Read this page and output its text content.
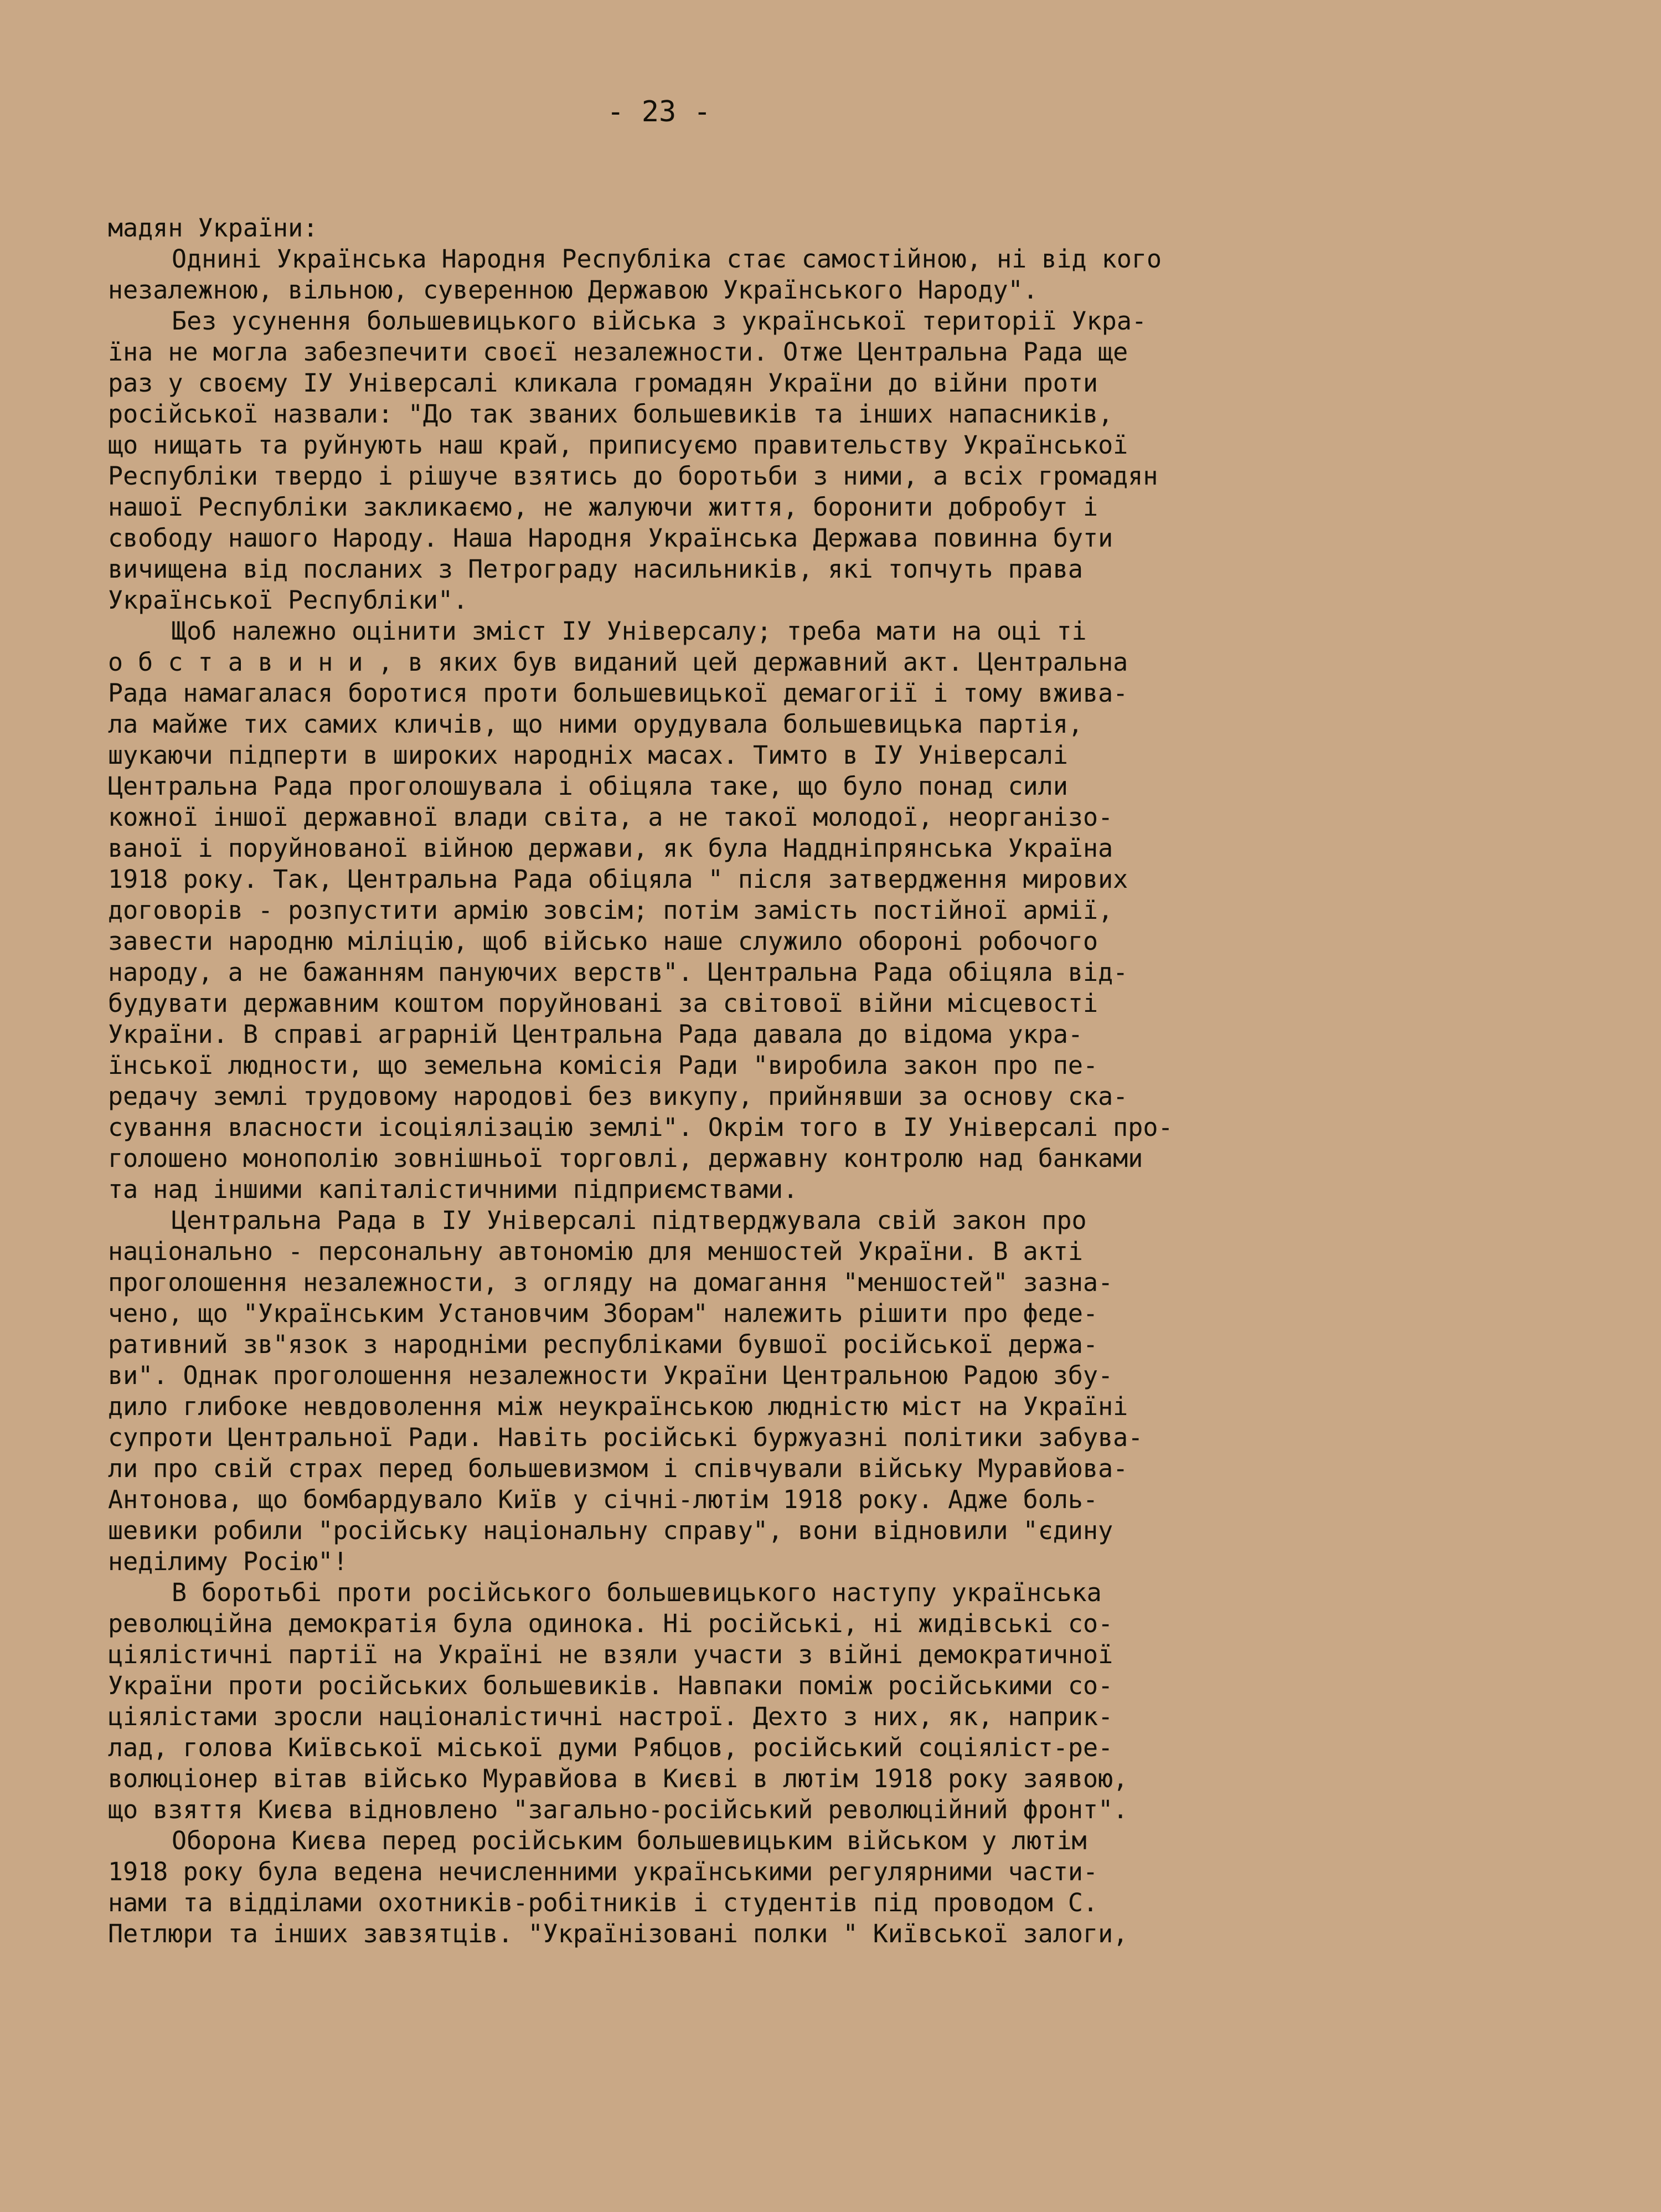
- 23 -
мадян України:
Однині Українська Народня Республіка стає самостійною, ні від кого
незалежною, вільною, суверенною Державою Українського Народу".
Без усунення большевицького війська з української території Укра-
їна не могла забезпечити своєї незалежности. Отже Центральна Рада ще
раз у своєму ІУ Універсалі кликала громадян України до війни проти
російської назвали: "До так званих большевиків та інших напасників,
що нищать та руйнують наш край, приписуємо правительству Української
Республіки твердо і рішуче взятись до боротьби з ними, а всіх громадян
нашої Республіки закликаємо, не жалуючи життя, боронити добробут і
свободу нашого Народу. Наша Народня Українська Держава повинна бути
вичищена від посланих з Петрограду насильників, які топчуть права
Української Республіки".
Щоб належно оцінити зміст ІУ Універсалу; треба мати на оці ті
о б с т а в и н и , в яких був виданий цей державний акт. Центральна
Рада намагалася боротися проти большевицької демагогії і тому вжива-
ла майже тих самих кличів, що ними орудувала большевицька партія,
шукаючи підперти в широких народніх масах. Тимто в ІУ Універсалі
Центральна Рада проголошувала і обіцяла таке, що було понад сили
кожної іншої державної влади світа, а не такої молодої, неорганізо-
ваної і поруйнованої війною держави, як була Наддніпрянська Україна
1918 року. Так, Центральна Рада обіцяла " після затвердження мирових
договорів - розпустити армію зовсім; потім замість постійної армії,
завести народню міліцію, щоб військо наше служило обороні робочого
народу, а не бажанням пануючих верств". Центральна Рада обіцяла від-
будувати державним коштом поруйновані за світової війни місцевості
України. В справі аграрній Центральна Рада давала до відома укра-
їнської людности, що земельна комісія Ради "виробила закон про пе-
редачу землі трудовому народові без викупу, прийнявши за основу ска-
сування власности ісоціялізацію землі". Окрім того в ІУ Універсалі про-
голошено монополію зовнішньої торговлі, державну контролю над банками
та над іншими капіталістичними підприємствами.
Центральна Рада в ІУ Універсалі підтверджувала свій закон про
національно - персональну автономію для меншостей України. В акті
проголошення незалежности, з огляду на домагання "меншостей" зазна-
чено, що "Українським Установчим Зборам" належить рішити про феде-
ративний зв"язок з народніми республіками бувшої російської держа-
ви". Однак проголошення незалежности України Центральною Радою збу-
дило глибоке невдоволення між неукраїнською людністю міст на Україні
супроти Центральної Ради. Навіть російські буржуазні політики забува-
ли про свій страх перед большевизмом і співчували війську Муравйова-
Антонова, що бомбардувало Київ у січні-лютім 1918 року. Адже боль-
шевики робили "російську національну справу", вони відновили "єдину
неділиму Росію"!
В боротьбі проти російського большевицького наступу українська
революційна демократія була одинока. Ні російські, ні жидівські со-
ціялістичні партії на Україні не взяли участи з війні демократичної
України проти російських большевиків. Навпаки поміж російськими со-
ціялістами зросли націоналістичні настрої. Дехто з них, як, наприк-
лад, голова Київської міської думи Рябцов, російський соціяліст-ре-
волюціонер вітав військо Муравйова в Києві в лютім 1918 року заявою,
що взяття Києва відновлено "загально-російський революційний фронт".
Оборона Києва перед російським большевицьким військом у лютім
1918 року була ведена нечисленними українськими регулярними части-
нами та відділами охотників-робітників і студентів під проводом С.
Петлюри та інших завзятців. "Українізовані полки " Київської залоги,
